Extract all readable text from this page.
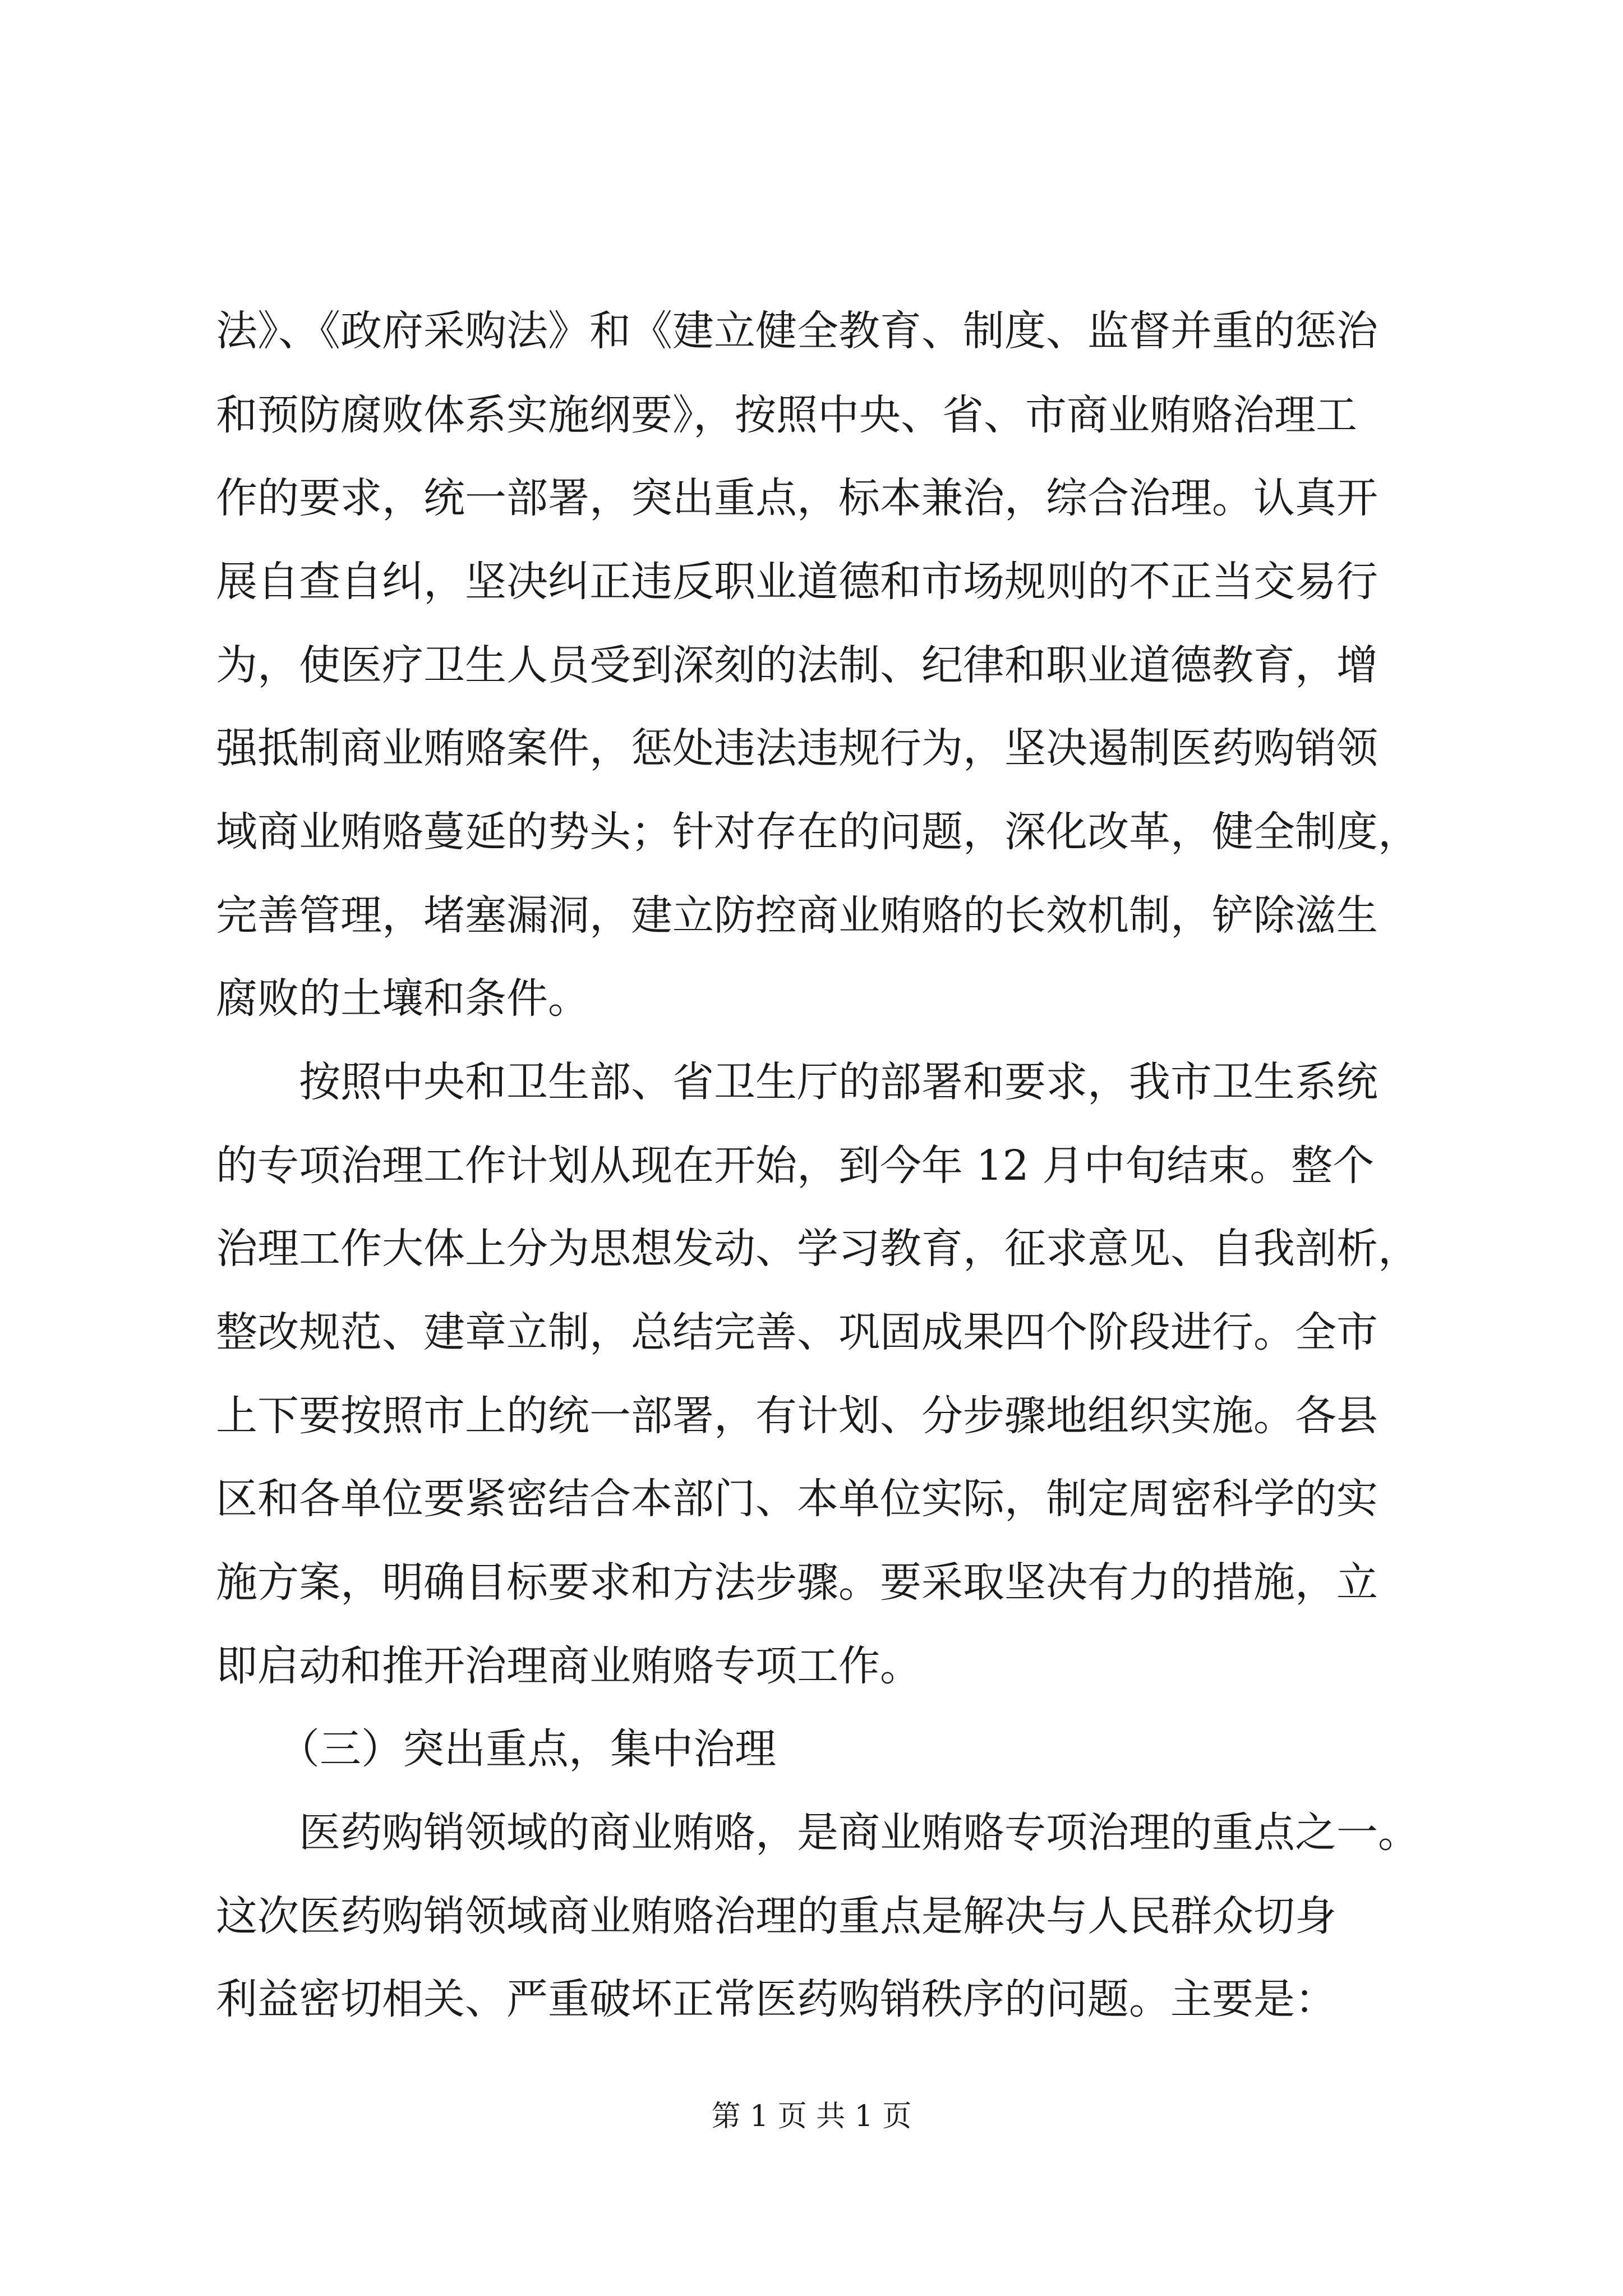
法》、《政府采购法》和《建立健全教育、制度、监督并重的惩治
和预防腐败体系实施纲要》，按照中央、省、市商业贿赂治理工
作的要求，统一部署，突出重点，标本兼治，综合治理。认真开
展自查自纠，坚决纠正违反职业道德和市场规则的不正当交易行
为，使医疗卫生人员受到深刻的法制、纪律和职业道德教育，增
强抵制商业贿赂案件，惩处违法违规行为，坚决遏制医药购销领
域商业贿赂蔓延的势头；针对存在的问题，深化改革，健全制度，
完善管理，堵塞漏洞，建立防控商业贿赂的长效机制，铲除滋生
腐败的土壤和条件。
　　按照中央和卫生部、省卫生厅的部署和要求，我市卫生系统
的专项治理工作计划从现在开始，到今年 12 月中旬结束。整个
治理工作大体上分为思想发动、学习教育，征求意见、自我剖析，
整改规范、建章立制，总结完善、巩固成果四个阶段进行。全市
上下要按照市上的统一部署，有计划、分步骤地组织实施。各县
区和各单位要紧密结合本部门、本单位实际，制定周密科学的实
施方案，明确目标要求和方法步骤。要采取坚决有力的措施，立
即启动和推开治理商业贿赂专项工作。
　　（三）突出重点，集中治理
　　医药购销领域的商业贿赂，是商业贿赂专项治理的重点之一。
这次医药购销领域商业贿赂治理的重点是解决与人民群众切身
利益密切相关、严重破坏正常医药购销秩序的问题。主要是：
第 1 页 共 1 页
